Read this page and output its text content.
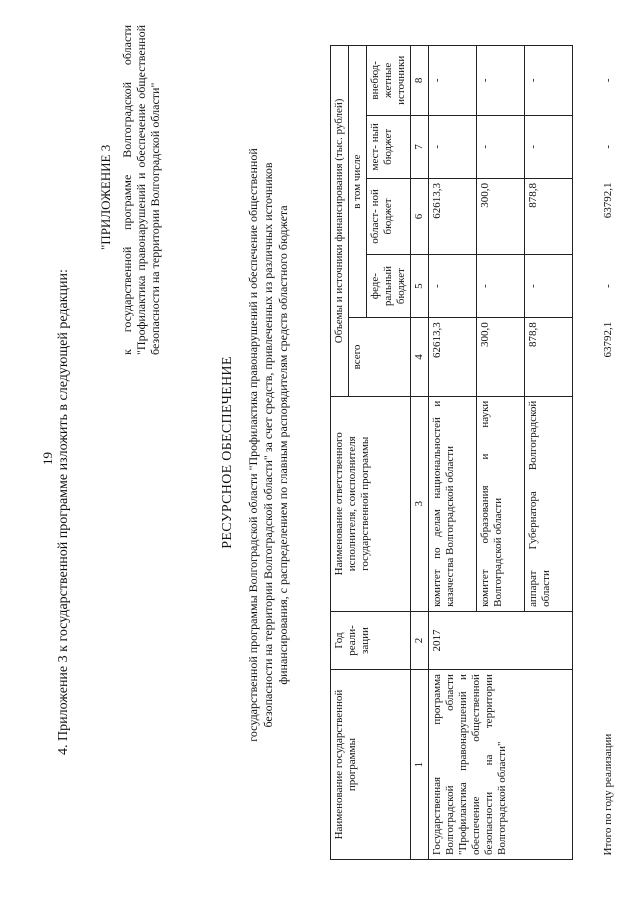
19 4. Приложение 3 к государственной программе изложить в следующей редакции:
"ПРИЛОЖЕНИЕ 3 к государственной программе Волгоградской области "Профилактика правонарушений и обеспечение общественной безопасности на территории Волгоградской области"
РЕСУРСНОЕ ОБЕСПЕЧЕНИЕ государственной программы Волгоградской области "Профилактика правонарушений и обеспечение общественной безопасности на территории Волгоградской области" за счет средств, привлеченных из различных источников финансирования, с распределением по главным распорядителям средств областного бюджета
Наименование государственной программы	Год реали- зации	Наименование ответственного исполнителя, соисполнителя государственной программы	Объемы и источники финансирования (тыс. рублей)				
			всего	в том числе			
				феде- ральный бюджет	област- ной бюджет	мест- ный бюджет	внебюд- жетные источники
1	2	3	4	5	6	7	8
Государственная программа Волгоградской области "Профилактика правонарушений и обеспечение общественной безопасности на территории Волгоградской области"	2017	комитет по делам национальностей и казачества Волгоградской области	62613,3	-	62613,3	-	-
		комитет образования и науки Волгоградской области	300,0	-	300,0	-	-
		аппарат Губернатора Волгоградской области	878,8	-	878,8	-	-
Итого по году реализации			63792,1	-	63792,1	-	-
